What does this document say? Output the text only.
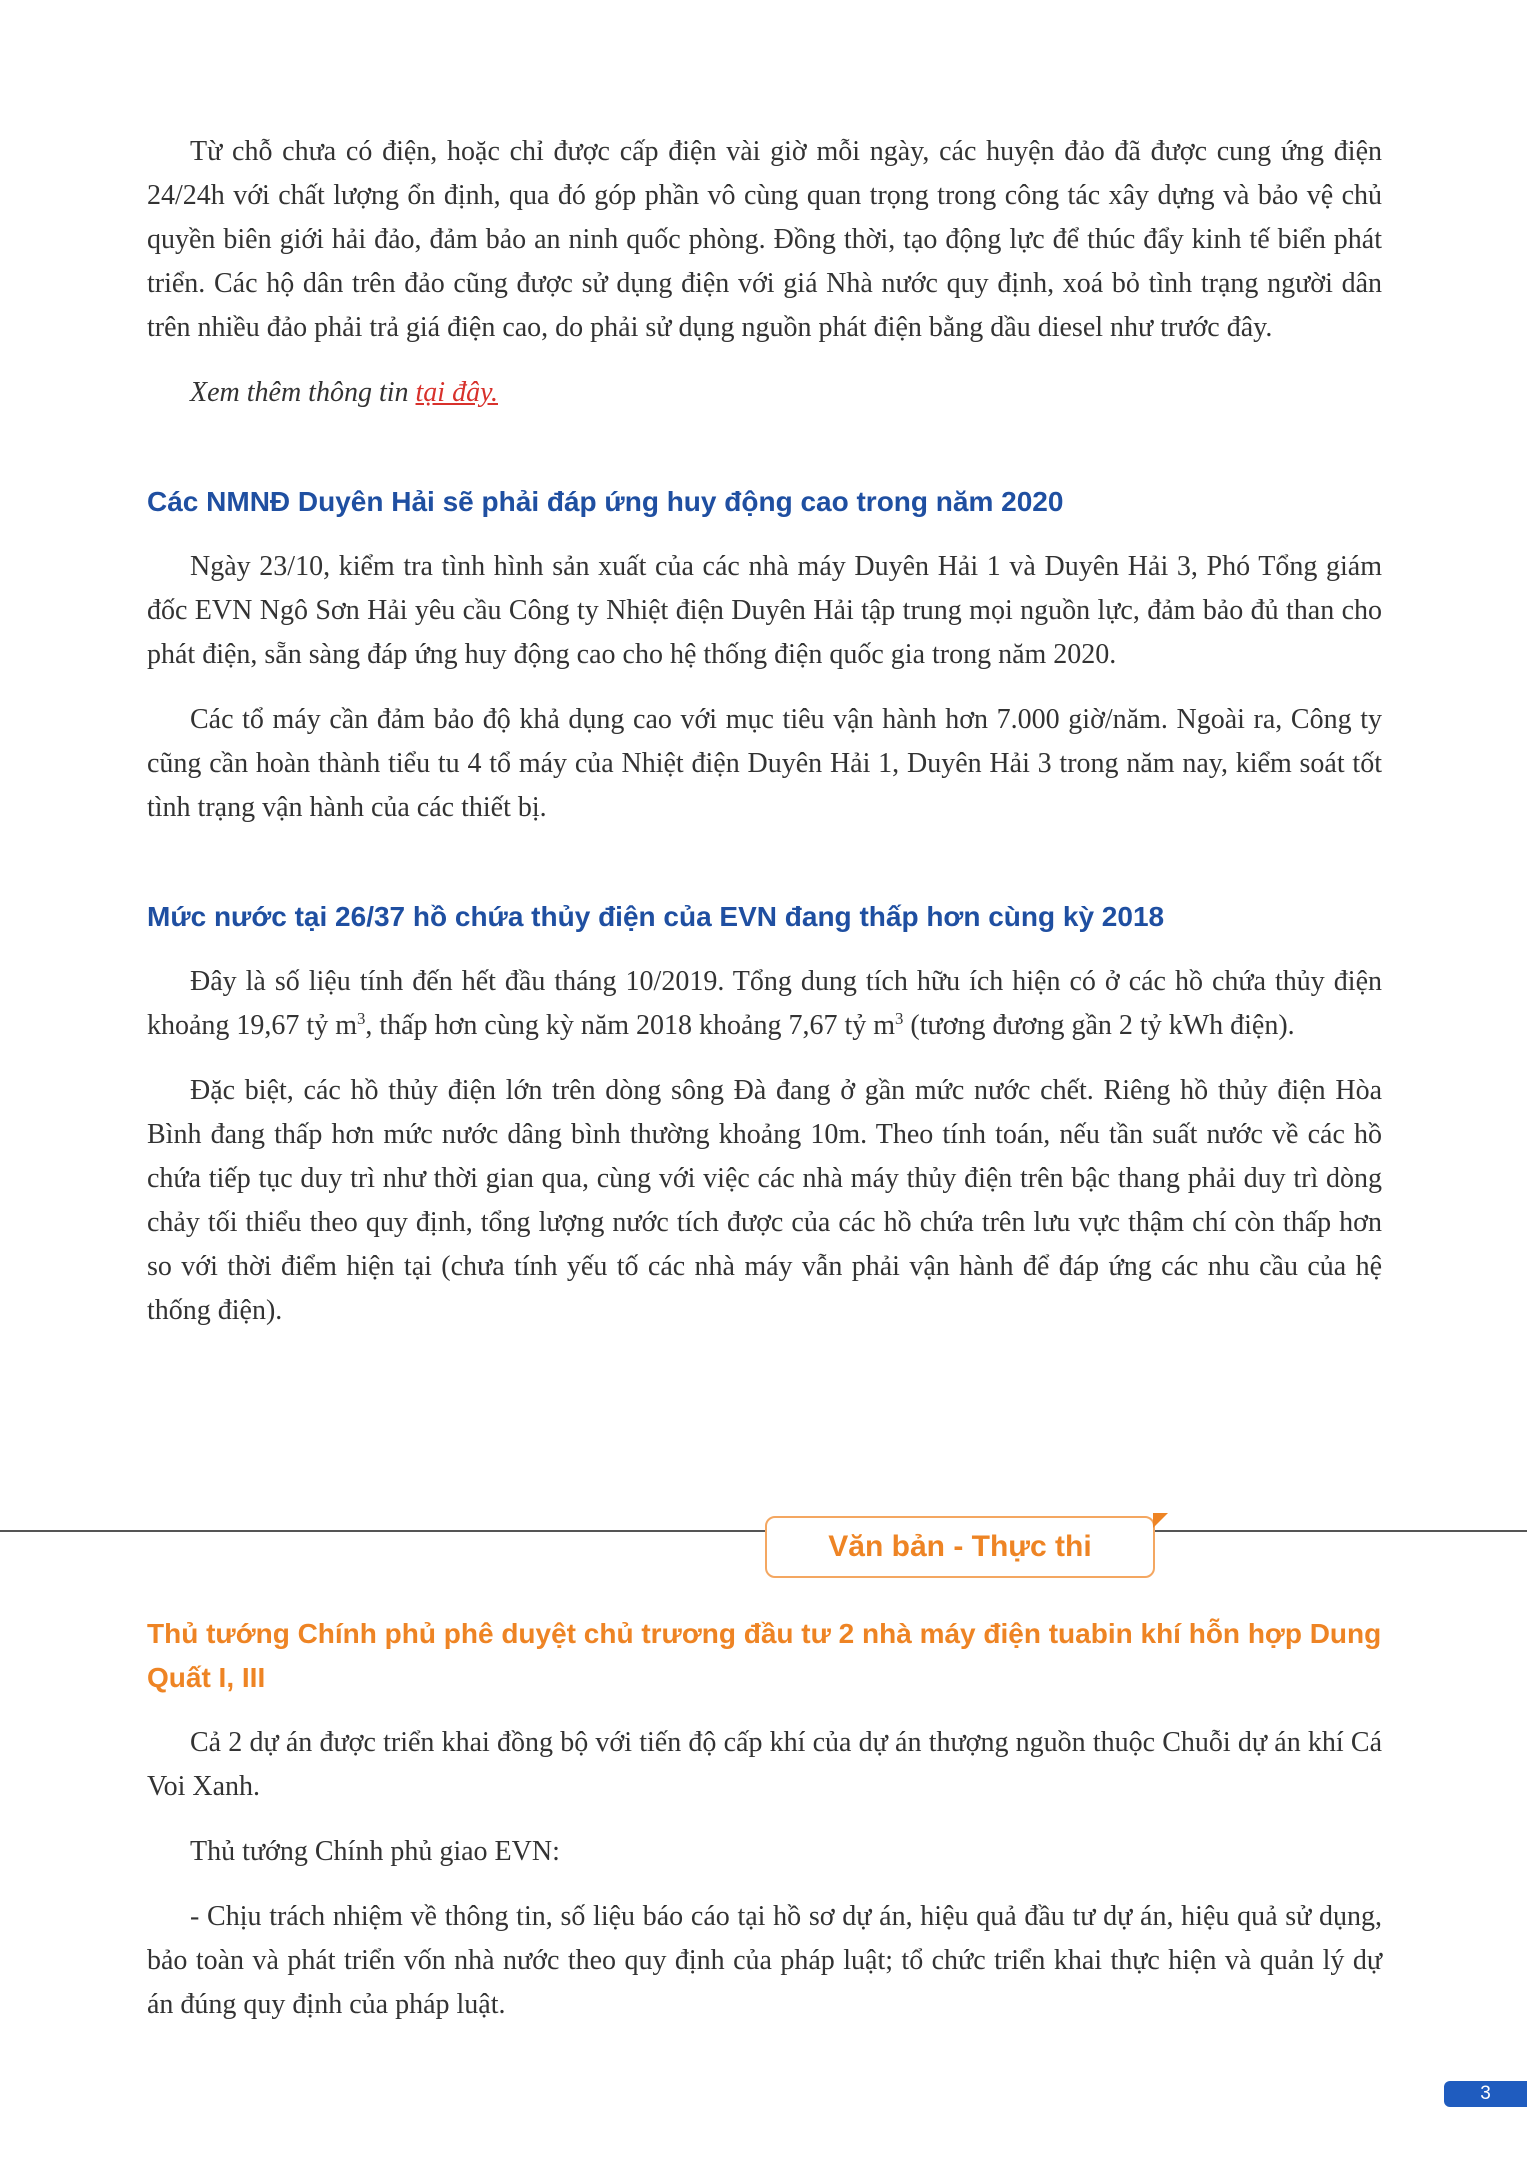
Từ chỗ chưa có điện, hoặc chỉ được cấp điện vài giờ mỗi ngày, các huyện đảo đã được cung ứng điện 24/24h với chất lượng ổn định, qua đó góp phần vô cùng quan trọng trong công tác xây dựng và bảo vệ chủ quyền biên giới hải đảo, đảm bảo an ninh quốc phòng. Đồng thời, tạo động lực để thúc đẩy kinh tế biển phát triển. Các hộ dân trên đảo cũng được sử dụng điện với giá Nhà nước quy định, xoá bỏ tình trạng người dân trên nhiều đảo phải trả giá điện cao, do phải sử dụng nguồn phát điện bằng dầu diesel như trước đây.

Xem thêm thông tin tại đây.

Các NMNĐ Duyên Hải sẽ phải đáp ứng huy động cao trong năm 2020

Ngày 23/10, kiểm tra tình hình sản xuất của các nhà máy Duyên Hải 1 và Duyên Hải 3, Phó Tổng giám đốc EVN Ngô Sơn Hải yêu cầu Công ty Nhiệt điện Duyên Hải tập trung mọi nguồn lực, đảm bảo đủ than cho phát điện, sẵn sàng đáp ứng huy động cao cho hệ thống điện quốc gia trong năm 2020.

Các tổ máy cần đảm bảo độ khả dụng cao với mục tiêu vận hành hơn 7.000 giờ/năm. Ngoài ra, Công ty cũng cần hoàn thành tiểu tu 4 tổ máy của Nhiệt điện Duyên Hải 1, Duyên Hải 3 trong năm nay, kiểm soát tốt tình trạng vận hành của các thiết bị.

Mức nước tại 26/37 hồ chứa thủy điện của EVN đang thấp hơn cùng kỳ 2018

Đây là số liệu tính đến hết đầu tháng 10/2019. Tổng dung tích hữu ích hiện có ở các hồ chứa thủy điện khoảng 19,67 tỷ $m^3$, thấp hơn cùng kỳ năm 2018 khoảng 7,67 tỷ $m^3$ (tương đương gần 2 tỷ kWh điện).

Đặc biệt, các hồ thủy điện lớn trên dòng sông Đà đang ở gần mức nước chết. Riêng hồ thủy điện Hòa Bình đang thấp hơn mức nước dâng bình thường khoảng 10m. Theo tính toán, nếu tần suất nước về các hồ chứa tiếp tục duy trì như thời gian qua, cùng với việc các nhà máy thủy điện trên bậc thang phải duy trì dòng chảy tối thiểu theo quy định, tổng lượng nước tích được của các hồ chứa trên lưu vực thậm chí còn thấp hơn so với thời điểm hiện tại (chưa tính yếu tố các nhà máy vẫn phải vận hành để đáp ứng các nhu cầu của hệ thống điện).

Văn bản - Thực thi
Thủ tướng Chính phủ phê duyệt chủ trương đầu tư 2 nhà máy điện tuabin khí hỗn hợp Dung Quất I, III

Cả 2 dự án được triển khai đồng bộ với tiến độ cấp khí của dự án thượng nguồn thuộc Chuỗi dự án khí Cá Voi Xanh.

Thủ tướng Chính phủ giao EVN:

- Chịu trách nhiệm về thông tin, số liệu báo cáo tại hồ sơ dự án, hiệu quả đầu tư dự án, hiệu quả sử dụng, bảo toàn và phát triển vốn nhà nước theo quy định của pháp luật; tổ chức triển khai thực hiện và quản lý dự án đúng quy định của pháp luật.

3
